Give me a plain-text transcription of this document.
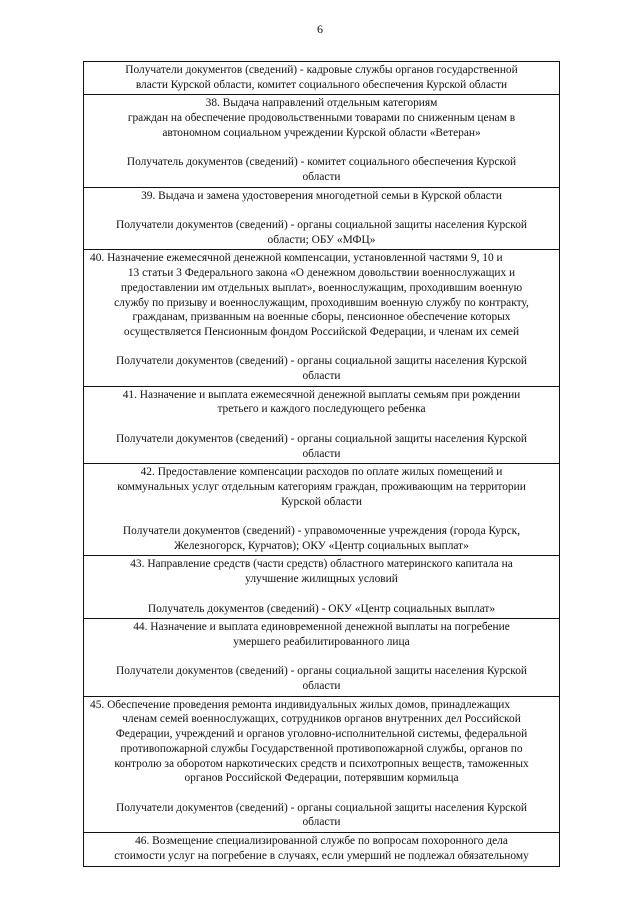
6
Получатели документов (сведений) - кадровые службы органов государственной
власти Курской области, комитет социального обеспечения Курской области
38. Выдача направлений отдельным категориям
граждан на обеспечение продовольственными товарами по сниженным ценам в
автономном социальном учреждении Курской области «Ветеран»
Получатель документов (сведений) - комитет социального обеспечения Курской
области
39. Выдача и замена удостоверения многодетной семьи в Курской области
Получатели документов (сведений) - органы социальной защиты населения Курской
области; ОБУ «МФЦ»
40. Назначение ежемесячной денежной компенсации, установленной частями 9, 10 и
13 статьи 3 Федерального закона «О денежном довольствии военнослужащих и
предоставлении им отдельных выплат», военнослужащим, проходившим военную
службу по призыву и военнослужащим, проходившим военную службу по контракту,
гражданам, призванным на военные сборы, пенсионное обеспечение которых
осуществляется Пенсионным фондом Российской Федерации, и членам их семей
Получатели документов (сведений) - органы социальной защиты населения Курской
области
41. Назначение и выплата ежемесячной денежной выплаты семьям при рождении
третьего и каждого последующего ребенка
Получатели документов (сведений) - органы социальной защиты населения Курской
области
42. Предоставление компенсации расходов по оплате жилых помещений и
коммунальных услуг отдельным категориям граждан, проживающим на территории
Курской области
Получатели документов (сведений) - управомоченные учреждения (города Курск,
Железногорск, Курчатов); ОКУ «Центр социальных выплат»
43. Направление средств (части средств) областного материнского капитала на
улучшение жилищных условий
Получатель документов (сведений) - ОКУ «Центр социальных выплат»
44. Назначение и выплата единовременной денежной выплаты на погребение
умершего реабилитированного лица
Получатели документов (сведений) - органы социальной защиты населения Курской
области
45. Обеспечение проведения ремонта индивидуальных жилых домов, принадлежащих
членам семей военнослужащих, сотрудников органов внутренних дел Российской
Федерации, учреждений и органов уголовно-исполнительной системы, федеральной
противопожарной службы Государственной противопожарной службы, органов по
контролю за оборотом наркотических средств и психотропных веществ, таможенных
органов Российской Федерации, потерявшим кормильца
Получатели документов (сведений) - органы социальной защиты населения Курской
области
46. Возмещение специализированной службе по вопросам похоронного дела
стоимости услуг на погребение в случаях, если умерший не подлежал обязательному
